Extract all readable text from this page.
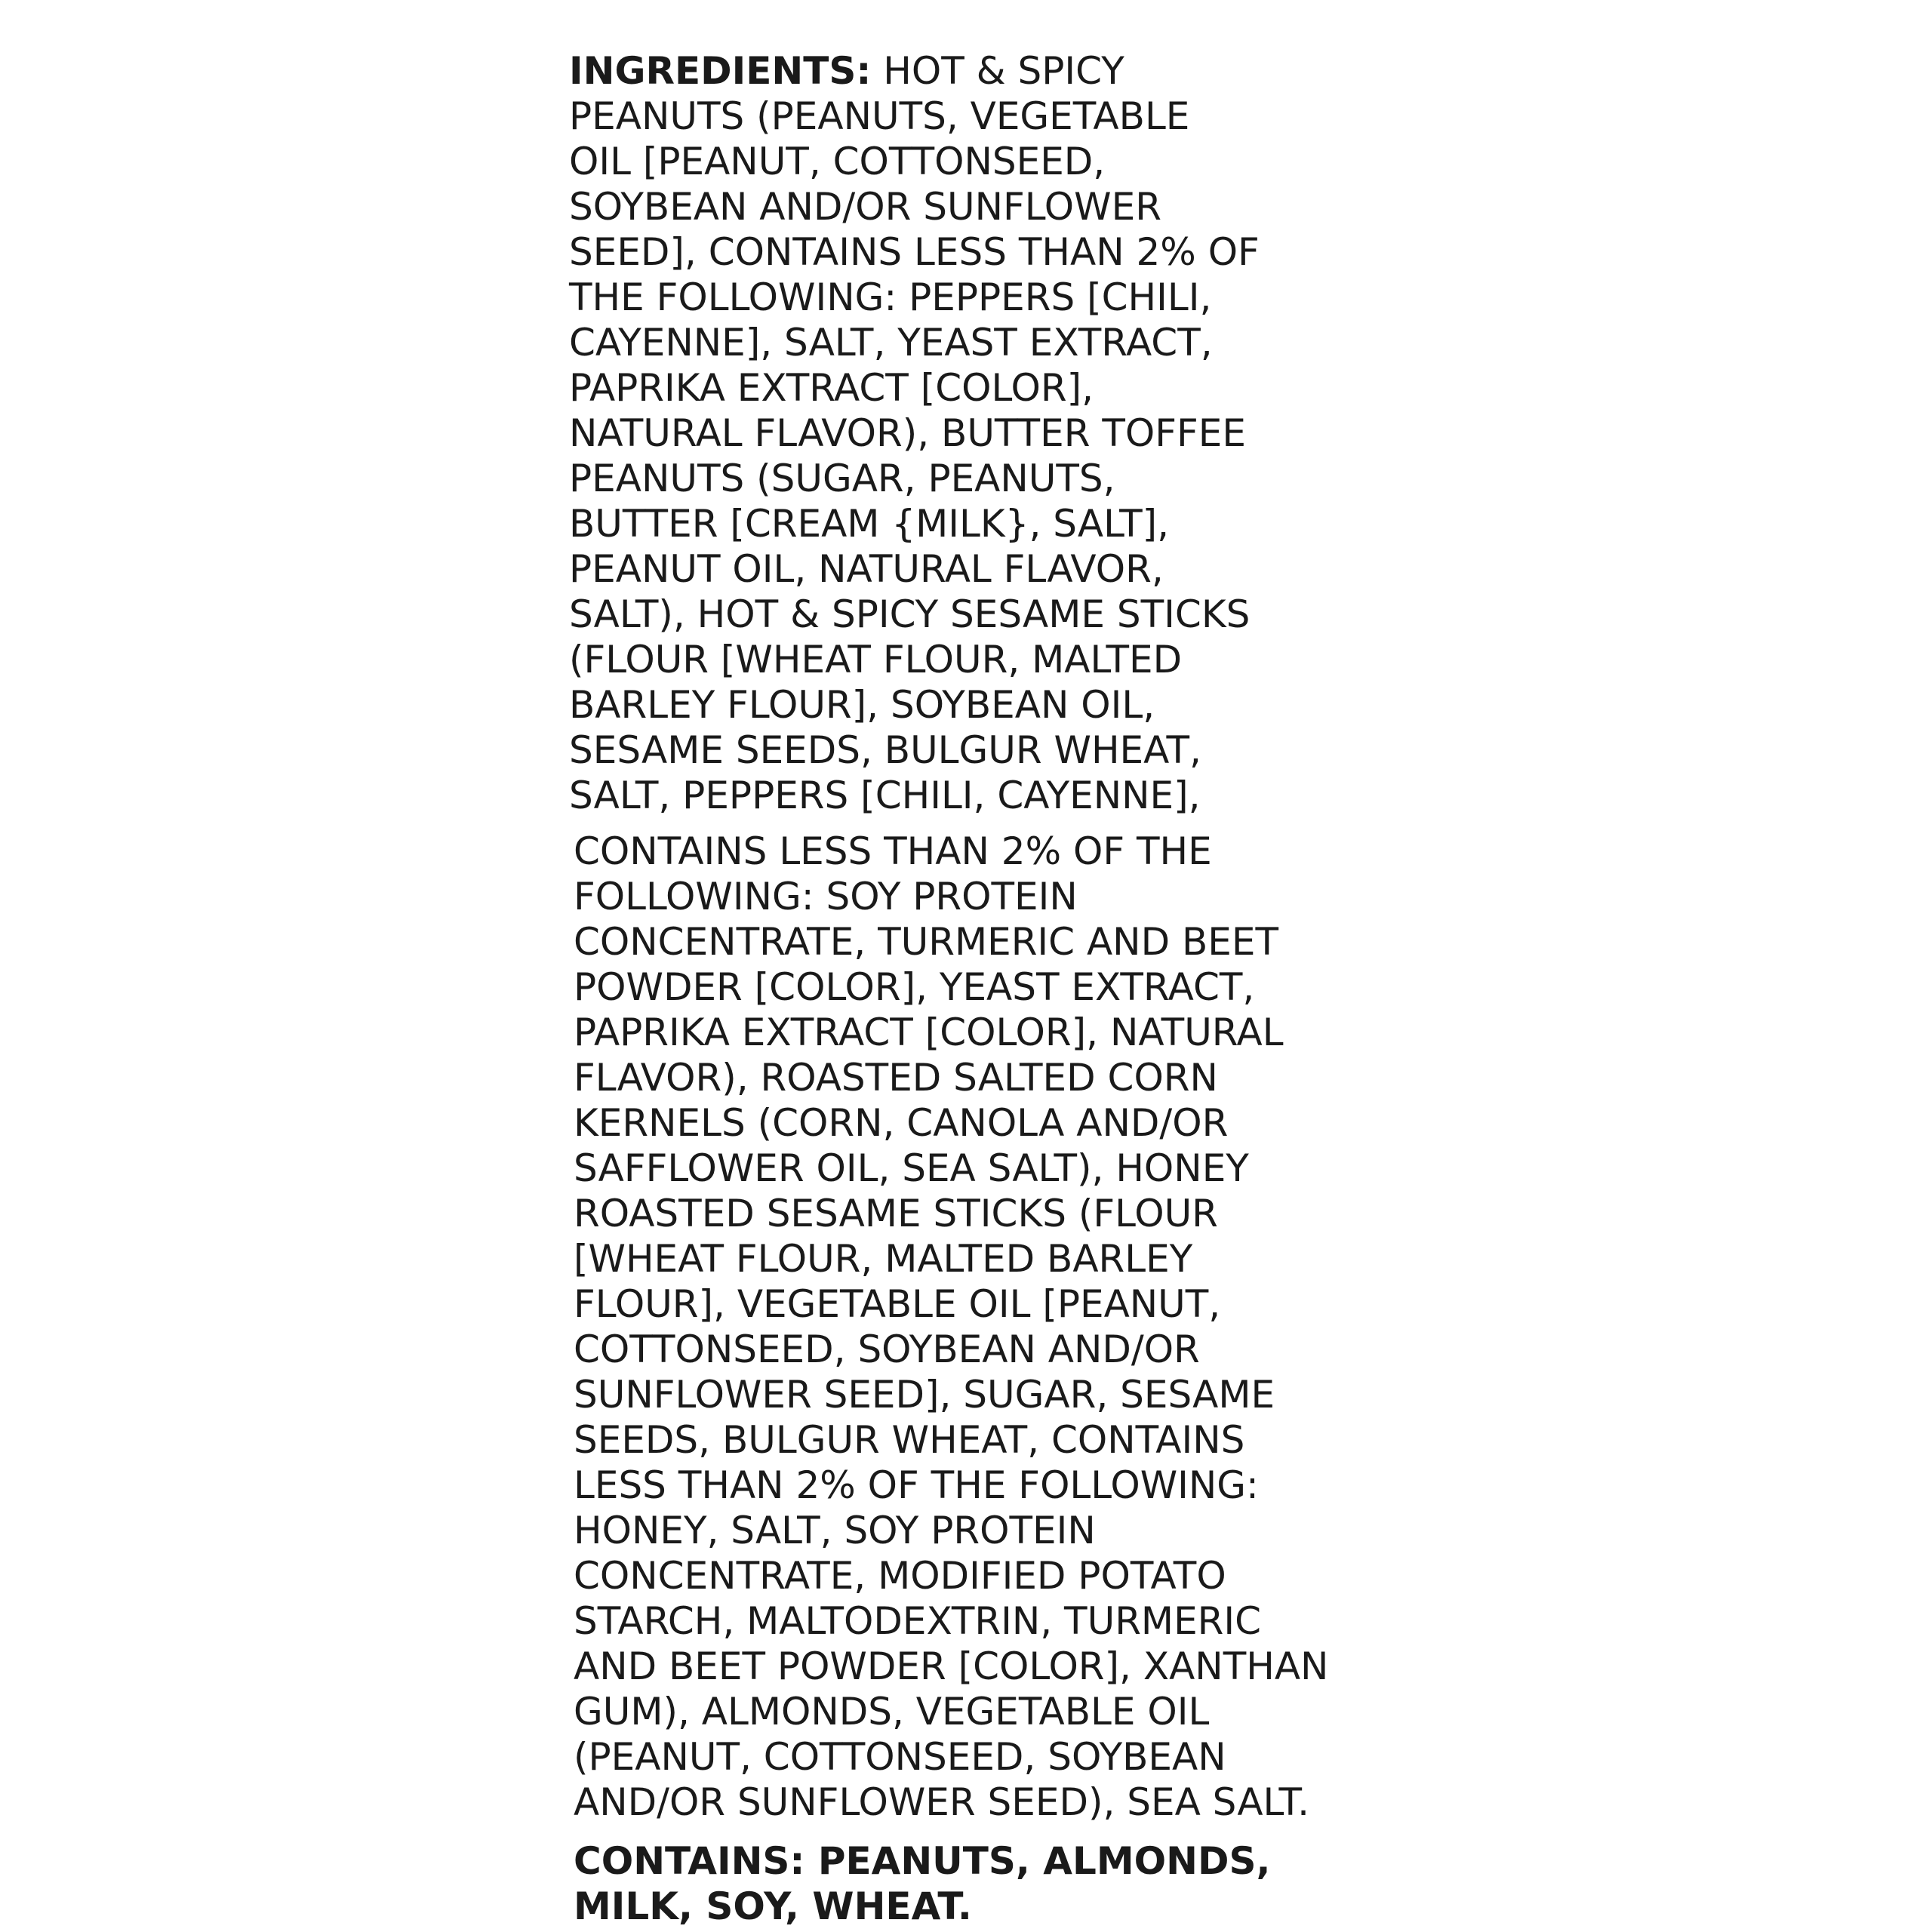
INGREDIENTS: HOT & SPICY
PEANUTS (PEANUTS, VEGETABLE
OIL [PEANUT, COTTONSEED,
SOYBEAN AND/OR SUNFLOWER
SEED], CONTAINS LESS THAN 2% OF
THE FOLLOWING: PEPPERS [CHILI,
CAYENNE], SALT, YEAST EXTRACT,
PAPRIKA EXTRACT [COLOR],
NATURAL FLAVOR), BUTTER TOFFEE
PEANUTS (SUGAR, PEANUTS,
BUTTER [CREAM {MILK}, SALT],
PEANUT OIL, NATURAL FLAVOR,
SALT), HOT & SPICY SESAME STICKS
(FLOUR [WHEAT FLOUR, MALTED
BARLEY FLOUR], SOYBEAN OIL,
SESAME SEEDS, BULGUR WHEAT,
SALT, PEPPERS [CHILI, CAYENNE],
CONTAINS LESS THAN 2% OF THE
FOLLOWING: SOY PROTEIN
CONCENTRATE, TURMERIC AND BEET
POWDER [COLOR], YEAST EXTRACT,
PAPRIKA EXTRACT [COLOR], NATURAL
FLAVOR), ROASTED SALTED CORN
KERNELS (CORN, CANOLA AND/OR
SAFFLOWER OIL, SEA SALT), HONEY
ROASTED SESAME STICKS (FLOUR
[WHEAT FLOUR, MALTED BARLEY
FLOUR], VEGETABLE OIL [PEANUT,
COTTONSEED, SOYBEAN AND/OR
SUNFLOWER SEED], SUGAR, SESAME
SEEDS, BULGUR WHEAT, CONTAINS
LESS THAN 2% OF THE FOLLOWING:
HONEY, SALT, SOY PROTEIN
CONCENTRATE, MODIFIED POTATO
STARCH, MALTODEXTRIN, TURMERIC
AND BEET POWDER [COLOR], XANTHAN
GUM), ALMONDS, VEGETABLE OIL
(PEANUT, COTTONSEED, SOYBEAN
AND/OR SUNFLOWER SEED), SEA SALT.
CONTAINS: PEANUTS, ALMONDS,
MILK, SOY, WHEAT.
